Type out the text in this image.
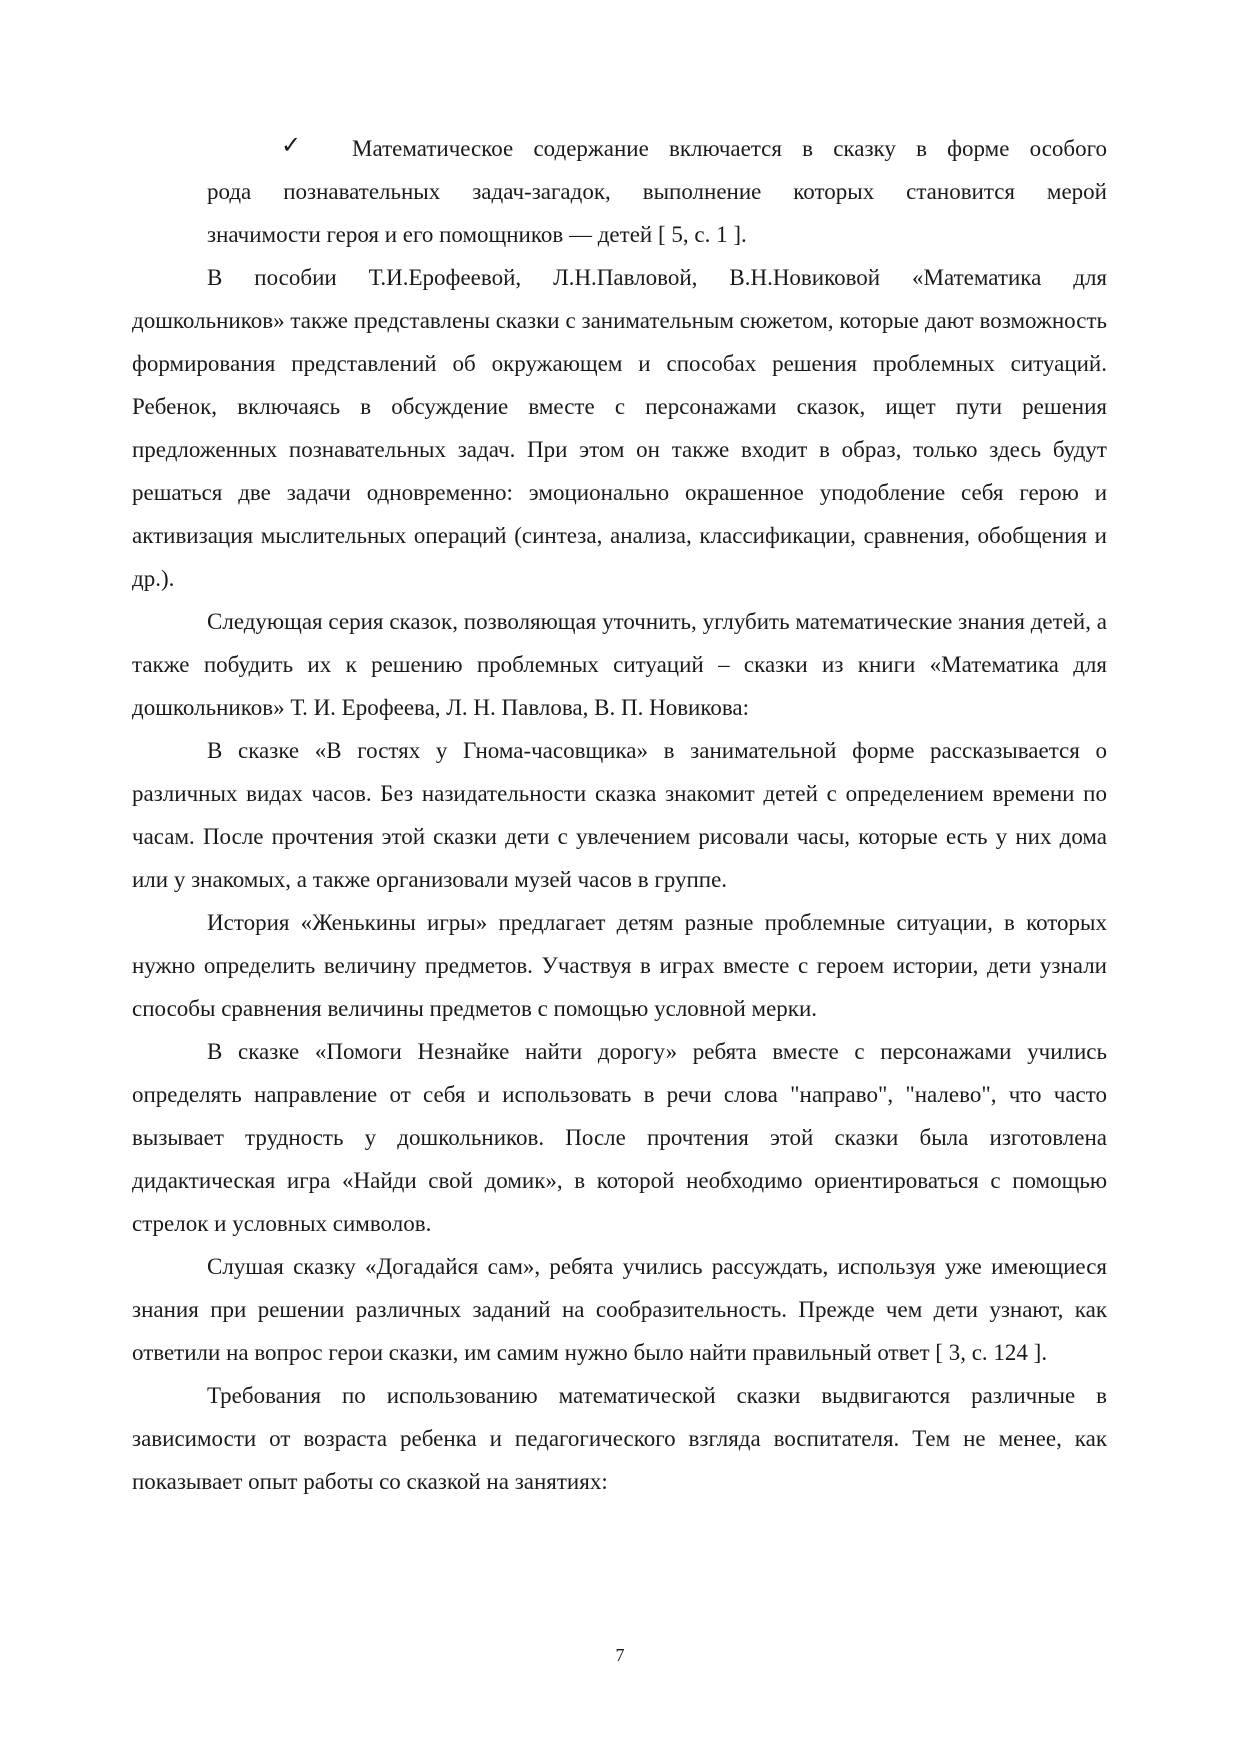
✓	Математическое содержание включается в сказку в форме особого

рода познавательных задач-загадок, выполнение которых становится мерой

значимости героя и его помощников — детей [ 5, с. 1 ].

В пособии Т.И.Ерофеевой, Л.Н.Павловой, В.Н.Новиковой «Математика для дошкольников» также представлены сказки с занимательным сюжетом, которые дают возможность формирования представлений об окружающем и способах решения проблемных ситуаций. Ребенок, включаясь в обсуждение вместе с персонажами сказок, ищет пути решения предложенных познавательных задач. При этом он также входит в образ, только здесь будут решаться две задачи одновременно: эмоционально окрашенное уподобление себя герою и активизация мыслительных операций (синтеза, анализа, классификации, сравнения, обобщения и др.).

Следующая серия сказок, позволяющая уточнить, углубить математические знания детей, а также побудить их к решению проблемных ситуаций – сказки из книги «Математика для дошкольников» Т. И. Ерофеева, Л. Н. Павлова, В. П. Новикова:

В сказке «В гостях у Гнома-часовщика» в занимательной форме рассказывается о различных видах часов. Без назидательности сказка знакомит детей с определением времени по часам. После прочтения этой сказки дети с увлечением рисовали часы, которые есть у них дома или у знакомых, а также организовали музей часов в группе.

История «Женькины игры» предлагает детям разные проблемные ситуации, в которых нужно определить величину предметов. Участвуя в играх вместе с героем истории, дети узнали способы сравнения величины предметов с помощью условной мерки.

В сказке «Помоги Незнайке найти дорогу» ребята вместе с персонажами учились определять направление от себя и использовать в речи слова "направо", "налево", что часто вызывает трудность у дошкольников. После прочтения этой сказки была изготовлена дидактическая игра «Найди свой домик», в которой необходимо ориентироваться с помощью стрелок и условных символов.

Слушая сказку «Догадайся сам», ребята учились рассуждать, используя уже имеющиеся знания при решении различных заданий на сообразительность. Прежде чем дети узнают, как ответили на вопрос герои сказки, им самим нужно было найти правильный ответ [ 3, с. 124 ].

Требования по использованию математической сказки выдвигаются различные в зависимости от возраста ребенка и педагогического взгляда воспитателя. Тем не менее, как показывает опыт работы со сказкой на занятиях:

7
